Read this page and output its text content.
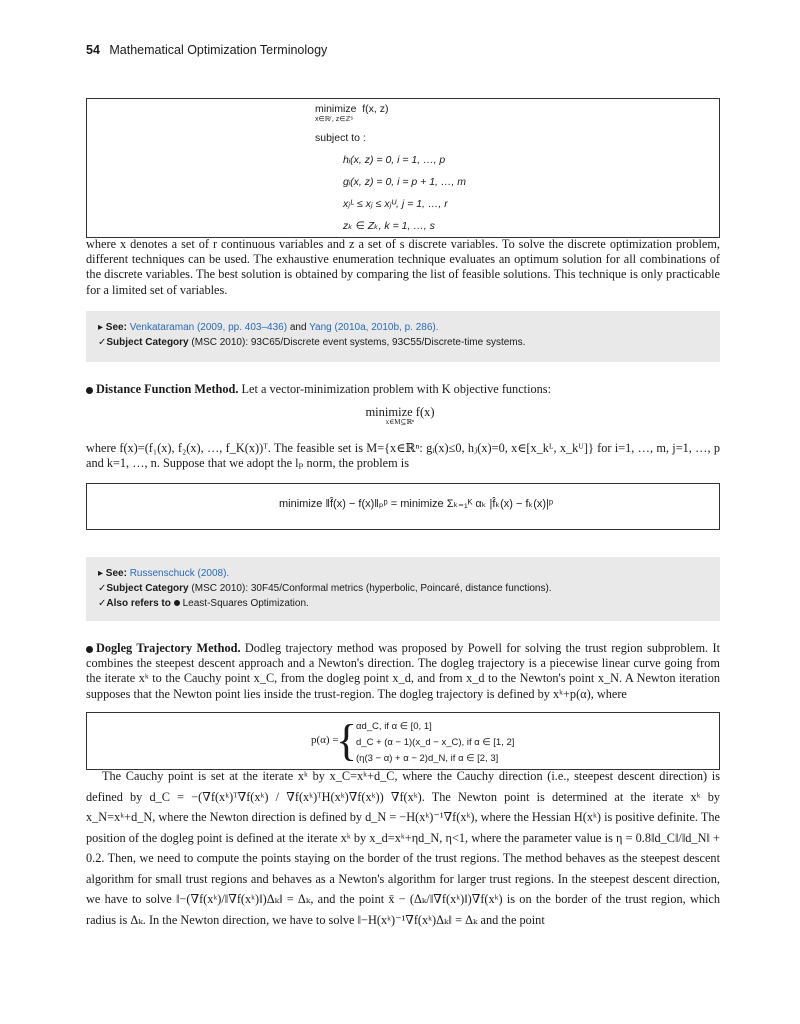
54 Mathematical Optimization Terminology
minimize f(x, z)
x∈ℝʳ, z∈ℤˢ
subject to :
hᵢ(x, z) = 0, i = 1, …, p
gᵢ(x, z) = 0, i = p + 1, …, m
xⱼᴸ ≤ xⱼ ≤ xⱼᵁ, j = 1, …, r
zₖ ∈ Zₖ, k = 1, …, s
where x denotes a set of r continuous variables and z a set of s discrete variables. To solve the discrete optimization problem, different techniques can be used. The exhaustive enumeration technique evaluates an optimum solution for all combinations of the discrete variables. The best solution is obtained by comparing the list of feasible solutions. This technique is only practicable for a limited set of variables.
▸ See: Venkataraman (2009, pp. 403–436) and Yang (2010a, 2010b, p. 286).
✓Subject Category (MSC 2010): 93C65/Discrete event systems, 93C55/Discrete-time systems.
Distance Function Method. Let a vector-minimization problem with K objective functions:
minimize f(x)
x∈M⊆ℝⁿ
where f(x)=(f₁(x), f₂(x), …, f_K(x))ᵀ. The feasible set is M={x∈ℝⁿ: gᵢ(x)≤0, hⱼ(x)=0, x∈[x_kᴸ, x_kᵁ]} for i=1, …, m, j=1, …, p and k=1, …, n. Suppose that we adopt the lₚ norm, the problem is
minimize ‖f̂(x) − f(x)‖ₚᵖ = minimize Σₖ₌₁ᴷ αₖ |f̂ₖ(x) − fₖ(x)|ᵖ
▸ See: Russenschuck (2008).
✓Subject Category (MSC 2010): 30F45/Conformal metrics (hyperbolic, Poincaré, distance functions).
✓Also refers to Least-Squares Optimization.
Dogleg Trajectory Method. Dodleg trajectory method was proposed by Powell for solving the trust region subproblem. It combines the steepest descent approach and a Newton's direction. The dogleg trajectory is a piecewise linear curve going from the iterate xᵏ to the Cauchy point x_C, from the dogleg point x_d, and from x_d to the Newton's point x_N. A Newton iteration supposes that the Newton point lies inside the trust-region. The dogleg trajectory is defined by xᵏ+p(α), where
p(α) =
{
αd_C, if α ∈ [0, 1]
d_C + (α − 1)(x_d − x_C), if α ∈ [1, 2]
(η(3 − α) + α − 2)d_N, if α ∈ [2, 3]
The Cauchy point is set at the iterate xᵏ by x_C=xᵏ+d_C, where the Cauchy direction (i.e., steepest descent direction) is defined by d_C = −(∇f(xᵏ)ᵀ∇f(xᵏ) / ∇f(xᵏ)ᵀH(xᵏ)∇f(xᵏ)) ∇f(xᵏ). The Newton point is determined at the iterate xᵏ by x_N=xᵏ+d_N, where the Newton direction is defined by d_N = −H(xᵏ)⁻¹∇f(xᵏ), where the Hessian H(xᵏ) is positive definite. The position of the dogleg point is defined at the iterate xᵏ by x_d=xᵏ+ηd_N, η<1, where the parameter value is η = 0.8‖d_C‖/‖d_N‖ + 0.2. Then, we need to compute the points staying on the border of the trust regions. The method behaves as the steepest descent algorithm for small trust regions and behaves as a Newton's algorithm for larger trust regions. In the steepest descent direction, we have to solve ‖−(∇f(xᵏ)/‖∇f(xᵏ)‖)Δₖ‖ = Δₖ, and the point x̄ − (Δₖ/‖∇f(xᵏ)‖)∇f(xᵏ) is on the border of the trust region, which radius is Δₖ. In the Newton direction, we have to solve ‖−H(xᵏ)⁻¹∇f(xᵏ)Δₖ‖ = Δₖ and the point
